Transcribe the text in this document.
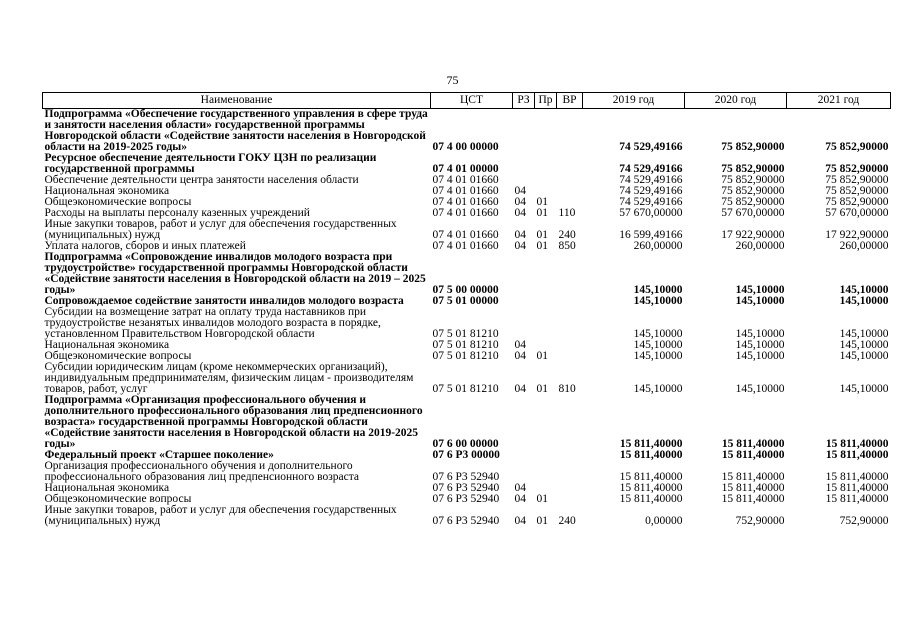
75
Наименование	ЦСТ	РЗ	Пр	ВР	2019 год	2020 год	2021 год
Подпрограмма «Обеспечение государственного управления в сфере труда и занятости населения области» государственной программы Новгородской области «Содействие занятости населения в Новгородской области на 2019-2025 годы»	07 4 00 00000				74 529,49166	75 852,90000	75 852,90000
Ресурсное обеспечение деятельности ГОКУ ЦЗН по реализации государственной программы	07 4 01 00000				74 529,49166	75 852,90000	75 852,90000
Обеспечение деятельности центра занятости населения области	07 4 01 01660				74 529,49166	75 852,90000	75 852,90000
Национальная экономика	07 4 01 01660	04			74 529,49166	75 852,90000	75 852,90000
Общеэкономические вопросы	07 4 01 01660	04	01		74 529,49166	75 852,90000	75 852,90000
Расходы на выплаты персоналу казенных учреждений	07 4 01 01660	04	01	110	57 670,00000	57 670,00000	57 670,00000
Иные закупки товаров, работ и услуг для обеспечения государственных (муниципальных) нужд	07 4 01 01660	04	01	240	16 599,49166	17 922,90000	17 922,90000
Уплата налогов, сборов и иных платежей	07 4 01 01660	04	01	850	260,00000	260,00000	260,00000
Подпрограмма «Сопровождение инвалидов молодого возраста при трудоустройстве» государственной программы Новгородской области «Содействие занятости населения в Новгородской области на 2019 – 2025 годы»	07 5 00 00000				145,10000	145,10000	145,10000
Сопровождаемое содействие занятости инвалидов молодого возраста	07 5 01 00000				145,10000	145,10000	145,10000
Субсидии на возмещение затрат на оплату труда наставников при трудоустройстве незанятых инвалидов молодого возраста в порядке, установленном Правительством Новгородской области	07 5 01 81210				145,10000	145,10000	145,10000
Национальная экономика	07 5 01 81210	04			145,10000	145,10000	145,10000
Общеэкономические вопросы	07 5 01 81210	04	01		145,10000	145,10000	145,10000
Субсидии юридическим лицам (кроме некоммерческих организаций), индивидуальным предпринимателям, физическим лицам - производителям товаров, работ, услуг	07 5 01 81210	04	01	810	145,10000	145,10000	145,10000
Подпрограмма «Организация профессионального обучения и дополнительного профессионального образования лиц предпенсионного возраста» государственной программы Новгородской области «Содействие занятости населения в Новгородской области на 2019-2025 годы»	07 6 00 00000				15 811,40000	15 811,40000	15 811,40000
Федеральный проект «Старшее поколение»	07 6 P3 00000				15 811,40000	15 811,40000	15 811,40000
Организация профессионального обучения и дополнительного профессионального образования лиц предпенсионного возраста	07 6 P3 52940				15 811,40000	15 811,40000	15 811,40000
Национальная экономика	07 6 P3 52940	04			15 811,40000	15 811,40000	15 811,40000
Общеэкономические вопросы	07 6 P3 52940	04	01		15 811,40000	15 811,40000	15 811,40000
Иные закупки товаров, работ и услуг для обеспечения государственных (муниципальных) нужд	07 6 P3 52940	04	01	240	0,00000	752,90000	752,90000
